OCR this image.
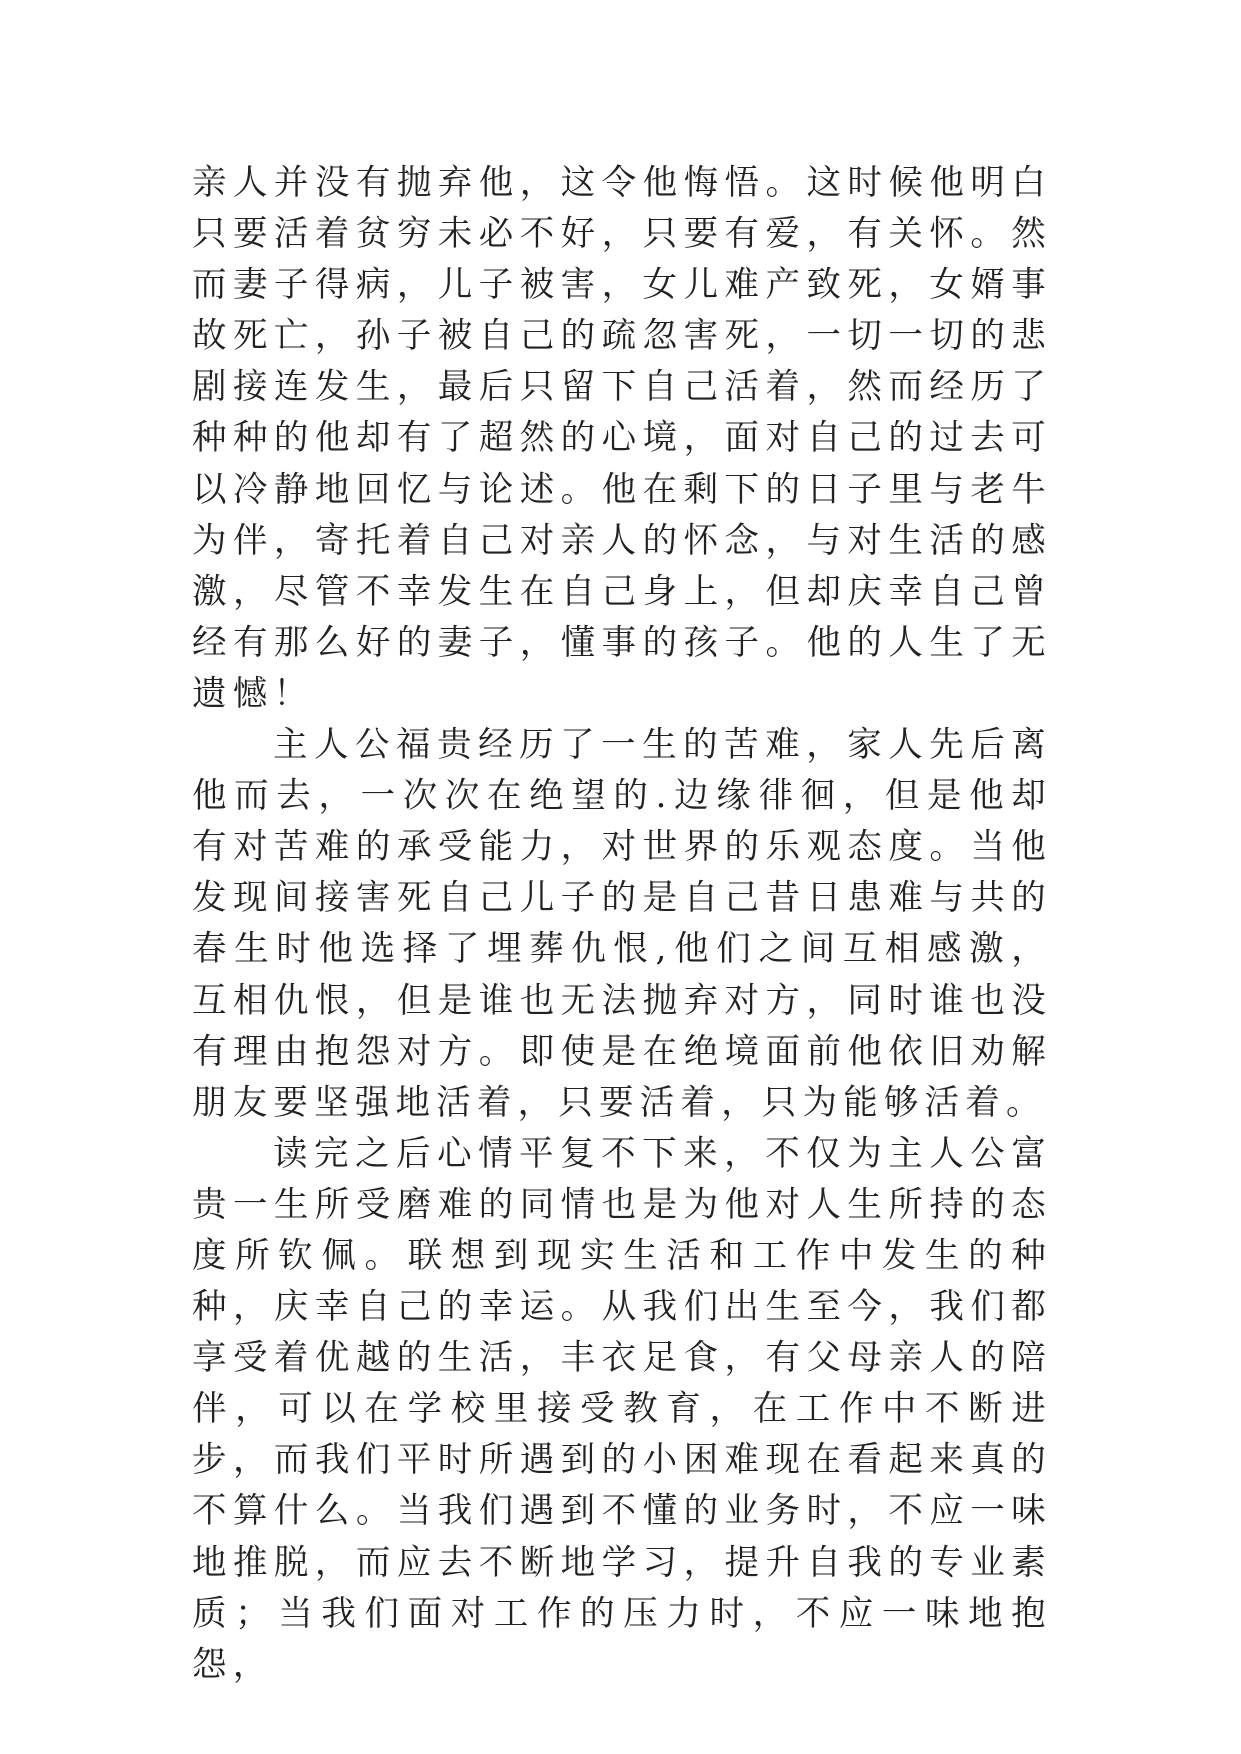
亲人并没有抛弃他，这令他悔悟。这时候他明白只要活着贫穷未必不好，只要有爱，有关怀。然而妻子得病，儿子被害，女儿难产致死，女婿事故死亡，孙子被自己的疏忽害死，一切一切的悲剧接连发生，最后只留下自己活着，然而经历了种种的他却有了超然的心境，面对自己的过去可以冷静地回忆与论述。他在剩下的日子里与老牛为伴，寄托着自己对亲人的怀念，与对生活的感激，尽管不幸发生在自己身上，但却庆幸自己曾经有那么好的妻子，懂事的孩子。他的人生了无遗憾！

主人公福贵经历了一生的苦难，家人先后离他而去，一次次在绝望的.边缘徘徊，但是他却有对苦难的承受能力，对世界的乐观态度。当他发现间接害死自己儿子的是自己昔日患难与共的春生时他选择了埋葬仇恨,他们之间互相感激，互相仇恨，但是谁也无法抛弃对方，同时谁也没有理由抱怨对方。即使是在绝境面前他依旧劝解朋友要坚强地活着，只要活着，只为能够活着。

读完之后心情平复不下来，不仅为主人公富贵一生所受磨难的同情也是为他对人生所持的态度所钦佩。联想到现实生活和工作中发生的种种，庆幸自己的幸运。从我们出生至今，我们都享受着优越的生活，丰衣足食，有父母亲人的陪伴，可以在学校里接受教育，在工作中不断进步，而我们平时所遇到的小困难现在看起来真的不算什么。当我们遇到不懂的业务时，不应一味地推脱，而应去不断地学习，提升自我的专业素质；当我们面对工作的压力时，不应一味地抱怨，
